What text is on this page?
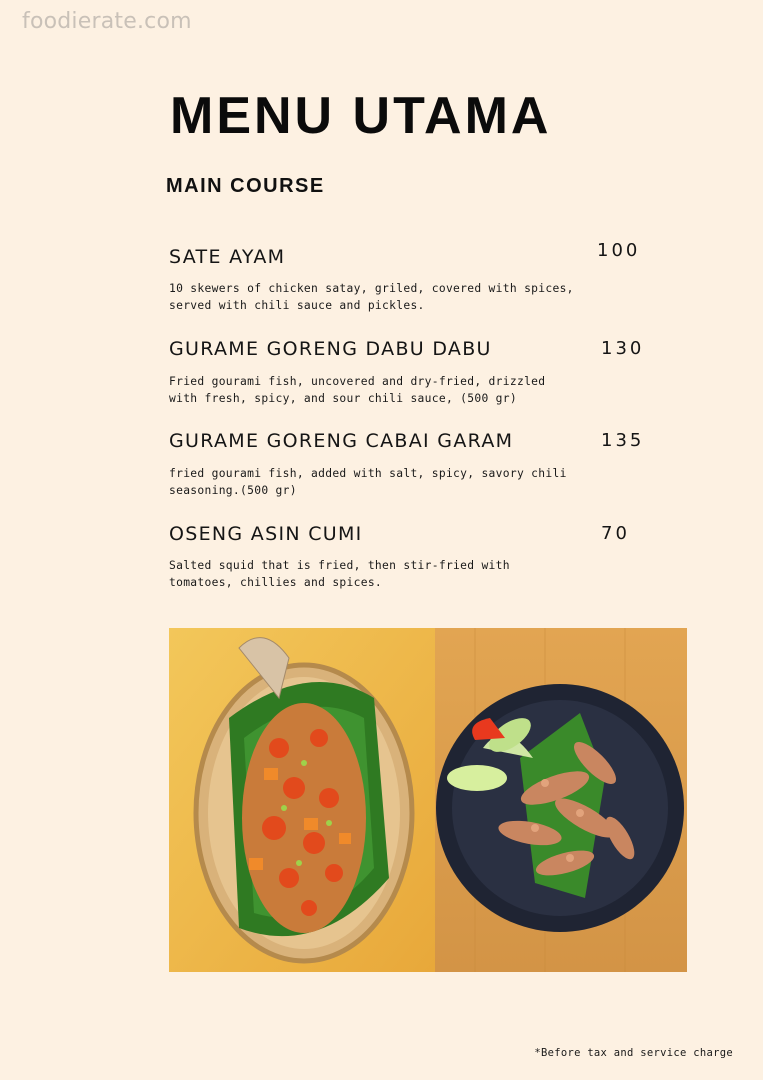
foodierate.com
MENU UTAMA
MAIN COURSE
SATE AYAM	100
10 skewers of chicken satay, griled, covered with spices, served with chili sauce and pickles.
GURAME GORENG DABU DABU	130
Fried gourami fish, uncovered and dry-fried, drizzled with fresh, spicy, and sour chili sauce, (500 gr)
GURAME GORENG CABAI GARAM	135
fried gourami fish, added with salt, spicy, savory chili seasoning.(500 gr)
OSENG ASIN CUMI	70
Salted squid that is fried, then stir-fried with tomatoes, chillies and spices.
*Before tax and service charge
